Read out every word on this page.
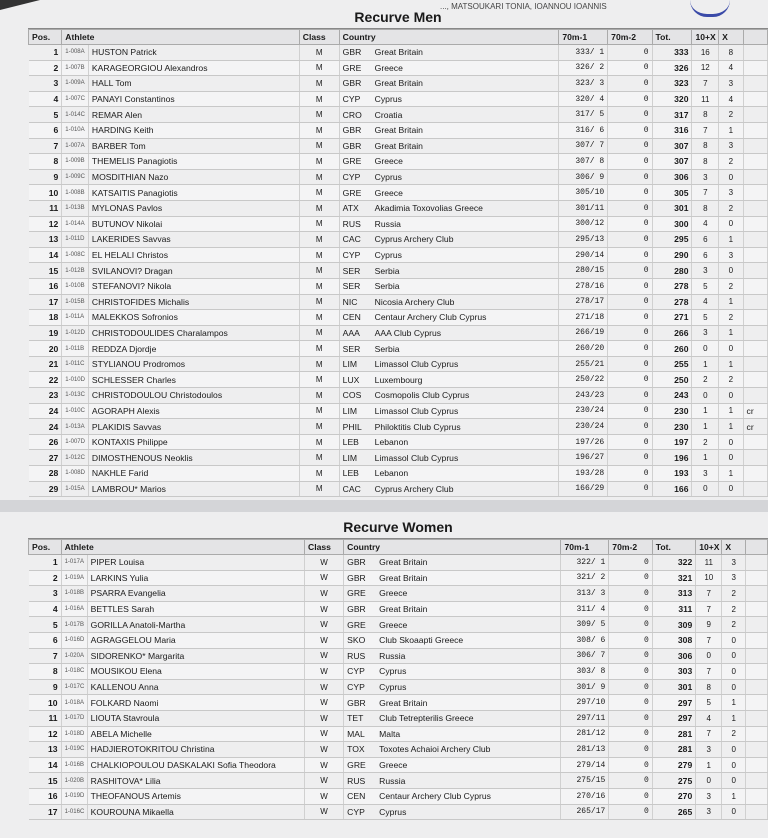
..., MATSOUKARI TONIA, IOANNOU IOANNIS
Recurve Men
Pos.	Athlete		Class	Country	70m-1	70m-2	Tot.	10+X	X	
1	1-008A	HUSTON Patrick	M	GBR Great Britain	333/ 1	0	333	16	8	
2	1-007B	KARAGEORGIOU Alexandros	M	GRE Greece	326/ 2	0	326	12	4	
3	1-009A	HALL Tom	M	GBR Great Britain	323/ 3	0	323	7	3	
4	1-007C	PANAYI Constantinos	M	CYP Cyprus	320/ 4	0	320	11	4	
5	1-014C	REMAR Alen	M	CRO Croatia	317/ 5	0	317	8	2	
6	1-010A	HARDING Keith	M	GBR Great Britain	316/ 6	0	316	7	1	
7	1-007A	BARBER Tom	M	GBR Great Britain	307/ 7	0	307	8	3	
8	1-009B	THEMELIS Panagiotis	M	GRE Greece	307/ 8	0	307	8	2	
9	1-009C	MOSDITHIAN Nazo	M	CYP Cyprus	306/ 9	0	306	3	0	
10	1-008B	KATSAITIS Panagiotis	M	GRE Greece	305/10	0	305	7	3	
11	1-013B	MYLONAS Pavlos	M	ATX Akadimia Toxovolias Greece	301/11	0	301	8	2	
12	1-014A	BUTUNOV Nikolai	M	RUS Russia	300/12	0	300	4	0	
13	1-011D	LAKERIDES Savvas	M	CAC Cyprus Archery Club	295/13	0	295	6	1	
14	1-008C	EL HELALI Christos	M	CYP Cyprus	290/14	0	290	6	3	
15	1-012B	SVILANOVI? Dragan	M	SER Serbia	280/15	0	280	3	0	
16	1-010B	STEFANOVI? Nikola	M	SER Serbia	278/16	0	278	5	2	
17	1-015B	CHRISTOFIDES Michalis	M	NIC Nicosia Archery Club	278/17	0	278	4	1	
18	1-011A	MALEKKOS Sofronios	M	CEN Centaur Archery Club Cyprus	271/18	0	271	5	2	
19	1-012D	CHRISTODOULIDES Charalampos	M	AAA AAA Club Cyprus	266/19	0	266	3	1	
20	1-011B	REDDZA Djordje	M	SER Serbia	260/20	0	260	0	0	
21	1-011C	STYLIANOU Prodromos	M	LIM Limassol Club Cyprus	255/21	0	255	1	1	
22	1-010D	SCHLESSER Charles	M	LUX Luxembourg	250/22	0	250	2	2	
23	1-013C	CHRISTODOULOU Christodoulos	M	COS Cosmopolis Club Cyprus	243/23	0	243	0	0	
24	1-010C	AGORAPH Alexis	M	LIM Limassol Club Cyprus	230/24	0	230	1	1	cr
24	1-013A	PLAKIDIS Savvas	M	PHIL Philoktitis Club Cyprus	230/24	0	230	1	1	cr
26	1-007D	KONTAXIS Philippe	M	LEB Lebanon	197/26	0	197	2	0	
27	1-012C	DIMOSTHENOUS Neoklis	M	LIM Limassol Club Cyprus	196/27	0	196	1	0	
28	1-008D	NAKHLE Farid	M	LEB Lebanon	193/28	0	193	3	1	
29	1-015A	LAMBROU* Marios	M	CAC Cyprus Archery Club	166/29	0	166	0	0	
Recurve Women
Pos.	Athlete		Class	Country	70m-1	70m-2	Tot.	10+X	X	
1	1-017A	PIPER Louisa	W	GBR Great Britain	322/ 1	0	322	11	3	
2	1-019A	LARKINS Yulia	W	GBR Great Britain	321/ 2	0	321	10	3	
3	1-018B	PSARRA Evangelia	W	GRE Greece	313/ 3	0	313	7	2	
4	1-016A	BETTLES Sarah	W	GBR Great Britain	311/ 4	0	311	7	2	
5	1-017B	GORILLA Anatoli-Martha	W	GRE Greece	309/ 5	0	309	9	2	
6	1-016D	AGRAGGELOU Maria	W	SKO Club Skoaapti Greece	308/ 6	0	308	7	0	
7	1-020A	SIDORENKO* Margarita	W	RUS Russia	306/ 7	0	306	0	0	
8	1-018C	MOUSIKOU Elena	W	CYP Cyprus	303/ 8	0	303	7	0	
9	1-017C	KALLENOU Anna	W	CYP Cyprus	301/ 9	0	301	8	0	
10	1-018A	FOLKARD Naomi	W	GBR Great Britain	297/10	0	297	5	1	
11	1-017D	LIOUTA Stavroula	W	TET Club Tetrepterilis Greece	297/11	0	297	4	1	
12	1-018D	ABELA Michelle	W	MAL Malta	281/12	0	281	7	2	
13	1-019C	HADJIEROTOKRITOU Christina	W	TOX Toxotes Achaioi Archery Club	281/13	0	281	3	0	
14	1-016B	CHALKIOPOULOU DASKALAKI Sofia Theodora	W	GRE Greece	279/14	0	279	1	0	
15	1-020B	RASHITOVA* Lilia	W	RUS Russia	275/15	0	275	0	0	
16	1-019D	THEOFANOUS Artemis	W	CEN Centaur Archery Club Cyprus	270/16	0	270	3	1	
17	1-016C	KOUROUNA Mikaella	W	CYP Cyprus	265/17	0	265	3	0	
